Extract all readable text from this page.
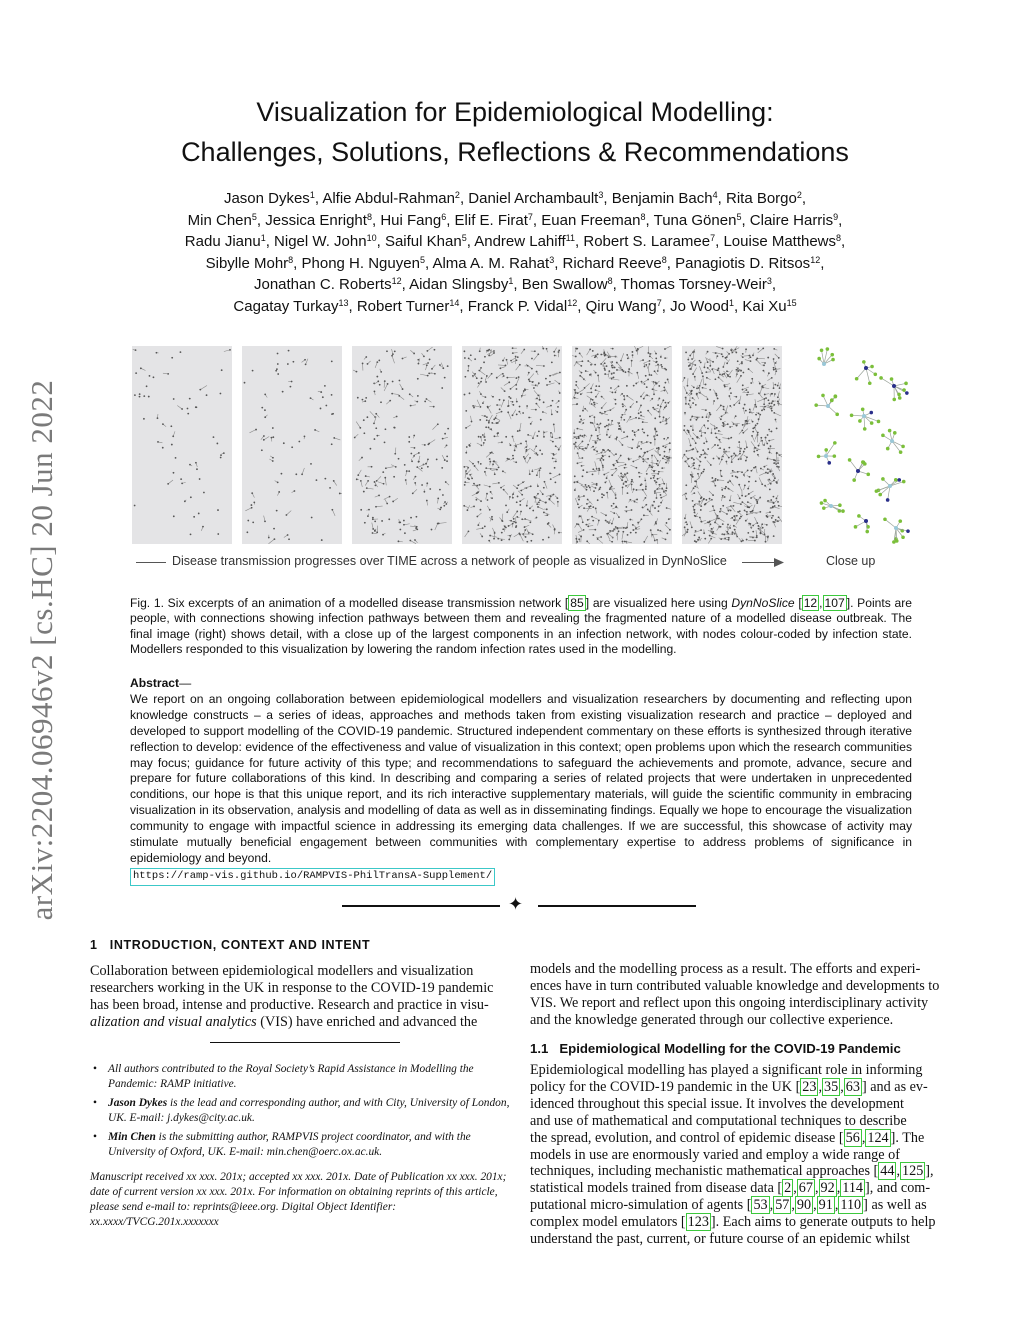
arXiv:2204.06946v2 [cs.HC] 20 Jun 2022
Visualization for Epidemiological Modelling:
Challenges, Solutions, Reflections & Recommendations
Jason Dykes$^1$, Alfie Abdul-Rahman$^2$, Daniel Archambault$^3$, Benjamin Bach$^4$, Rita Borgo$^2$,
Min Chen$^5$, Jessica Enright$^8$, Hui Fang$^6$, Elif E. Firat$^7$, Euan Freeman$^8$, Tuna Gönen$^5$, Claire Harris$^9$,
Radu Jianu$^1$, Nigel W. John$^{10}$, Saiful Khan$^5$, Andrew Lahiff$^{11}$, Robert S. Laramee$^7$, Louise Matthews$^8$,
Sibylle Mohr$^8$, Phong H. Nguyen$^5$, Alma A. M. Rahat$^3$, Richard Reeve$^8$, Panagiotis D. Ritsos$^{12}$,
Jonathan C. Roberts$^{12}$, Aidan Slingsby$^1$, Ben Swallow$^8$, Thomas Torsney-Weir$^3$,
Cagatay Turkay$^{13}$, Robert Turner$^{14}$, Franck P. Vidal$^{12}$, Qiru Wang$^7$, Jo Wood$^1$, Kai Xu$^{15}$
Disease transmission progresses over TIME across a network of people as visualized in DynNoSlice	Close up
Fig. 1. Six excerpts of an animation of a modelled disease transmission network [ 85 ] are visualized here using DynNoSlice [ 12 , 107 ]. Points are people, with connections showing infection pathways between them and revealing the fragmented nature of a modelled disease outbreak. The final image (right) shows detail, with a close up of the largest components in an infection network, with nodes colour-coded by infection state. Modellers responded to this visualization by lowering the random infection rates used in the modelling.
Abstract—
We report on an ongoing collaboration between epidemiological modellers and visualization researchers by documenting and reflecting upon knowledge constructs – a series of ideas, approaches and methods taken from existing visualization research and practice – deployed and developed to support modelling of the COVID-19 pandemic. Structured independent commentary on these efforts is synthesized through iterative reflection to develop: evidence of the effectiveness and value of visualization in this context; open problems upon which the research communities may focus; guidance for future activity of this type; and recommendations to safeguard the achievements and promote, advance, secure and prepare for future collaborations of this kind. In describing and comparing a series of related projects that were undertaken in unprecedented conditions, our hope is that this unique report, and its rich interactive supplementary materials, will guide the scientific community in embracing visualization in its observation, analysis and modelling of data as well as in disseminating findings. Equally we hope to encourage the visualization community to engage with impactful science in addressing its emerging data challenges. If we are successful, this showcase of activity may stimulate mutually beneficial engagement between communities with complementary expertise to address problems of significance in epidemiology and beyond.
https://ramp-vis.github.io/RAMPVIS-PhilTransA-Supplement/
✦
1 INTRODUCTION, CONTEXT AND INTENT
Collaboration between epidemiological modellers and visualization
researchers working in the UK in response to the COVID-19 pandemic
has been broad, intense and productive. Research and practice in visu-
alization and visual analytics (VIS) have enriched and advanced the
• All authors contributed to the Royal Society’s Rapid Assistance in Modelling the Pandemic: RAMP initiative.
• Jason Dykes is the lead and corresponding author, and with City, University of London, UK. E-mail: j.dykes@city.ac.uk.
• Min Chen is the submitting author, RAMPVIS project coordinator, and with the University of Oxford, UK. E-mail: min.chen@oerc.ox.ac.uk.
Manuscript received xx xxx. 201x; accepted xx xxx. 201x. Date of Publication xx xxx. 201x; date of current version xx xxx. 201x. For information on obtaining reprints of this article, please send e-mail to: reprints@ieee.org. Digital Object Identifier: xx.xxxx/TVCG.201x.xxxxxxx
models and the modelling process as a result. The efforts and experi-
ences have in turn contributed valuable knowledge and developments to
VIS. We report and reflect upon this ongoing interdisciplinary activity
and the knowledge generated through our collective experience.
1.1 Epidemiological Modelling for the COVID-19 Pandemic
Epidemiological modelling has played a significant role in informing
policy for the COVID-19 pandemic in the UK [ 23 , 35 , 63 ] and as ev-
idenced throughout this special issue. It involves the development
and use of mathematical and computational techniques to describe
the spread, evolution, and control of epidemic disease [ 56 , 124 ]. The
models in use are enormously varied and employ a wide range of
techniques, including mechanistic mathematical approaches [ 44 , 125 ],
statistical models trained from disease data [ 2 , 67 , 92 , 114 ], and com-
putational micro-simulation of agents [ 53 , 57 , 90 , 91 , 110 ] as well as
complex model emulators [ 123 ]. Each aims to generate outputs to help
understand the past, current, or future course of an epidemic whilst
